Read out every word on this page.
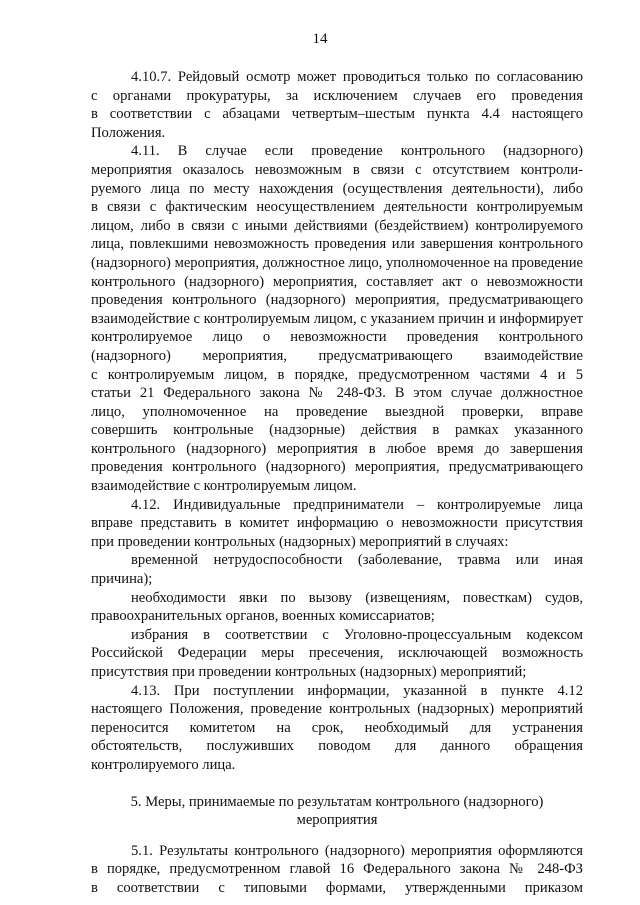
14
4.10.7. Рейдовый осмотр может проводиться только по согласованию
с органами прокуратуры, за исключением случаев его проведения
в соответствии с абзацами четвертым–шестым пункта 4.4 настоящего
Положения.
4.11. В случае если проведение контрольного (надзорного)
мероприятия оказалось невозможным в связи с отсутствием контроли-
руемого лица по месту нахождения (осуществления деятельности), либо
в связи с фактическим неосуществлением деятельности контролируемым
лицом, либо в связи с иными действиями (бездействием) контролируемого
лица, повлекшими невозможность проведения или завершения контрольного
(надзорного) мероприятия, должностное лицо, уполномоченное на проведение
контрольного (надзорного) мероприятия, составляет акт о невозможности
проведения контрольного (надзорного) мероприятия, предусматривающего
взаимодействие с контролируемым лицом, с указанием причин и информирует
контролируемое лицо о невозможности проведения контрольного
(надзорного) мероприятия, предусматривающего взаимодействие
с контролируемым лицом, в порядке, предусмотренном частями 4 и 5
статьи 21 Федерального закона № 248-ФЗ. В этом случае должностное
лицо, уполномоченное на проведение выездной проверки, вправе
совершить контрольные (надзорные) действия в рамках указанного
контрольного (надзорного) мероприятия в любое время до завершения
проведения контрольного (надзорного) мероприятия, предусматривающего
взаимодействие с контролируемым лицом.
4.12. Индивидуальные предприниматели – контролируемые лица
вправе представить в комитет информацию о невозможности присутствия
при проведении контрольных (надзорных) мероприятий в случаях:
временной нетрудоспособности (заболевание, травма или иная
причина);
необходимости явки по вызову (извещениям, повесткам) судов,
правоохранительных органов, военных комиссариатов;
избрания в соответствии с Уголовно-процессуальным кодексом
Российской Федерации меры пресечения, исключающей возможность
присутствия при проведении контрольных (надзорных) мероприятий;
4.13. При поступлении информации, указанной в пункте 4.12
настоящего Положения, проведение контрольных (надзорных) мероприятий
переносится комитетом на срок, необходимый для устранения
обстоятельств, послуживших поводом для данного обращения
контролируемого лица.
5. Меры, принимаемые по результатам контрольного (надзорного)
мероприятия
5.1. Результаты контрольного (надзорного) мероприятия оформляются
в порядке, предусмотренном главой 16 Федерального закона № 248-ФЗ
в соответствии с типовыми формами, утвержденными приказом
